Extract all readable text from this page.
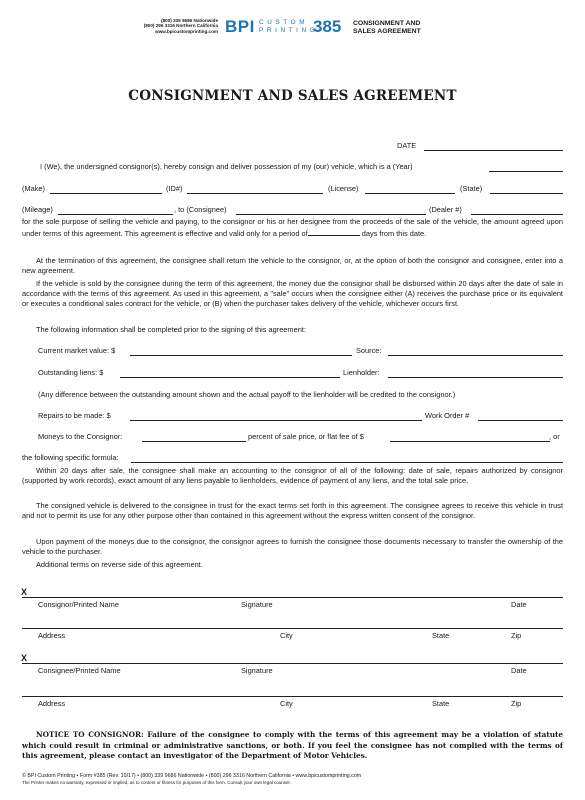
(800) 339 9686 Nationwide
(800) 296 3316 Northern California
www.bpicustomprinting.com BPI CUSTOM
PRINTING
385 CONSIGNMENT AND
SALES AGREEMENT
CONSIGNMENT AND SALES AGREEMENT
DATE
I (We), the undersigned consignor(s), hereby consign and deliver possession of my (our) vehicle, which is a (Year)
(Make)	(ID#)	(License)	(State)
(Mileage)	, to (Consignee)	(Dealer #)
for the sole purpose of selling the vehicle and paying, to the consignor or his or her designee from the proceeds of the sale of the vehicle, the amount agreed upon under terms of this agreement. This agreement is effective and valid only for a period of	days from this date.
At the termination of this agreement, the consignee shall return the vehicle to the consignor, or, at the option of both the consignor and consignee, enter into a new agreement.
If the vehicle is sold by the consignee during the term of this agreement, the money due the consignor shall be disbursed within 20 days after the date of sale in accordance with the terms of this agreement. As used in this agreement, a "sale" occurs when the consignee either (A) receives the purchase price or its equivalent or executes a conditional sales contract for the vehicle, or (B) when the purchaser takes delivery of the vehicle, whichever occurs first.
The following information shall be completed prior to the signing of this agreement:
Current market value: $	Source:
Outstanding liens: $	Lienholder:
(Any difference between the outstanding amount shown and the actual payoff to the lienholder will be credited to the consignor.)
Repairs to be made: $	Work Order #
Moneys to the Consignor:	percent of sale price, or flat fee of $	, or
the following specific formula:
Within 20 days after sale, the consignee shall make an accounting to the consignor of all of the following: date of sale, repairs authorized by consignor (supported by work records), exact amount of any liens payable to lienholders, evidence of payment of any liens, and the total sale price.
The consigned vehicle is delivered to the consignee in trust for the exact terms set forth in this agreement. The consignee agrees to receive this vehicle in trust and not to permit its use for any other purpose other than contained in this agreement without the express written consent of the consignor.
Upon payment of the moneys due to the consignor, the consignor agrees to furnish the consignee those documents necessary to transfer the ownership of the vehicle to the purchaser.
Additional terms on reverse side of this agreement.
X
Consignor/Printed Name	Signature	Date
Address	City	State	Zip
X
Consignee/Printed Name	Signature	Date
Address	City	State	Zip
NOTICE TO CONSIGNOR: Failure of the consignee to comply with the terms of this agreement may be a violation of statute which could result in criminal or administrative sanctions, or both. If you feel the consignee has not complied with the terms of this agreement, please contact an investigator of the Department of Motor Vehicles.
© BPI Custom Printing • Form #385 (Rev. 10/17) • (800) 339 9686 Nationwide • (800) 296 3316 Northern California • www.bpicustomprinting.com
The Printer makes no warranty, expressed or implied, as to content or fitness for purposes of this form. Consult your own legal counsel.
